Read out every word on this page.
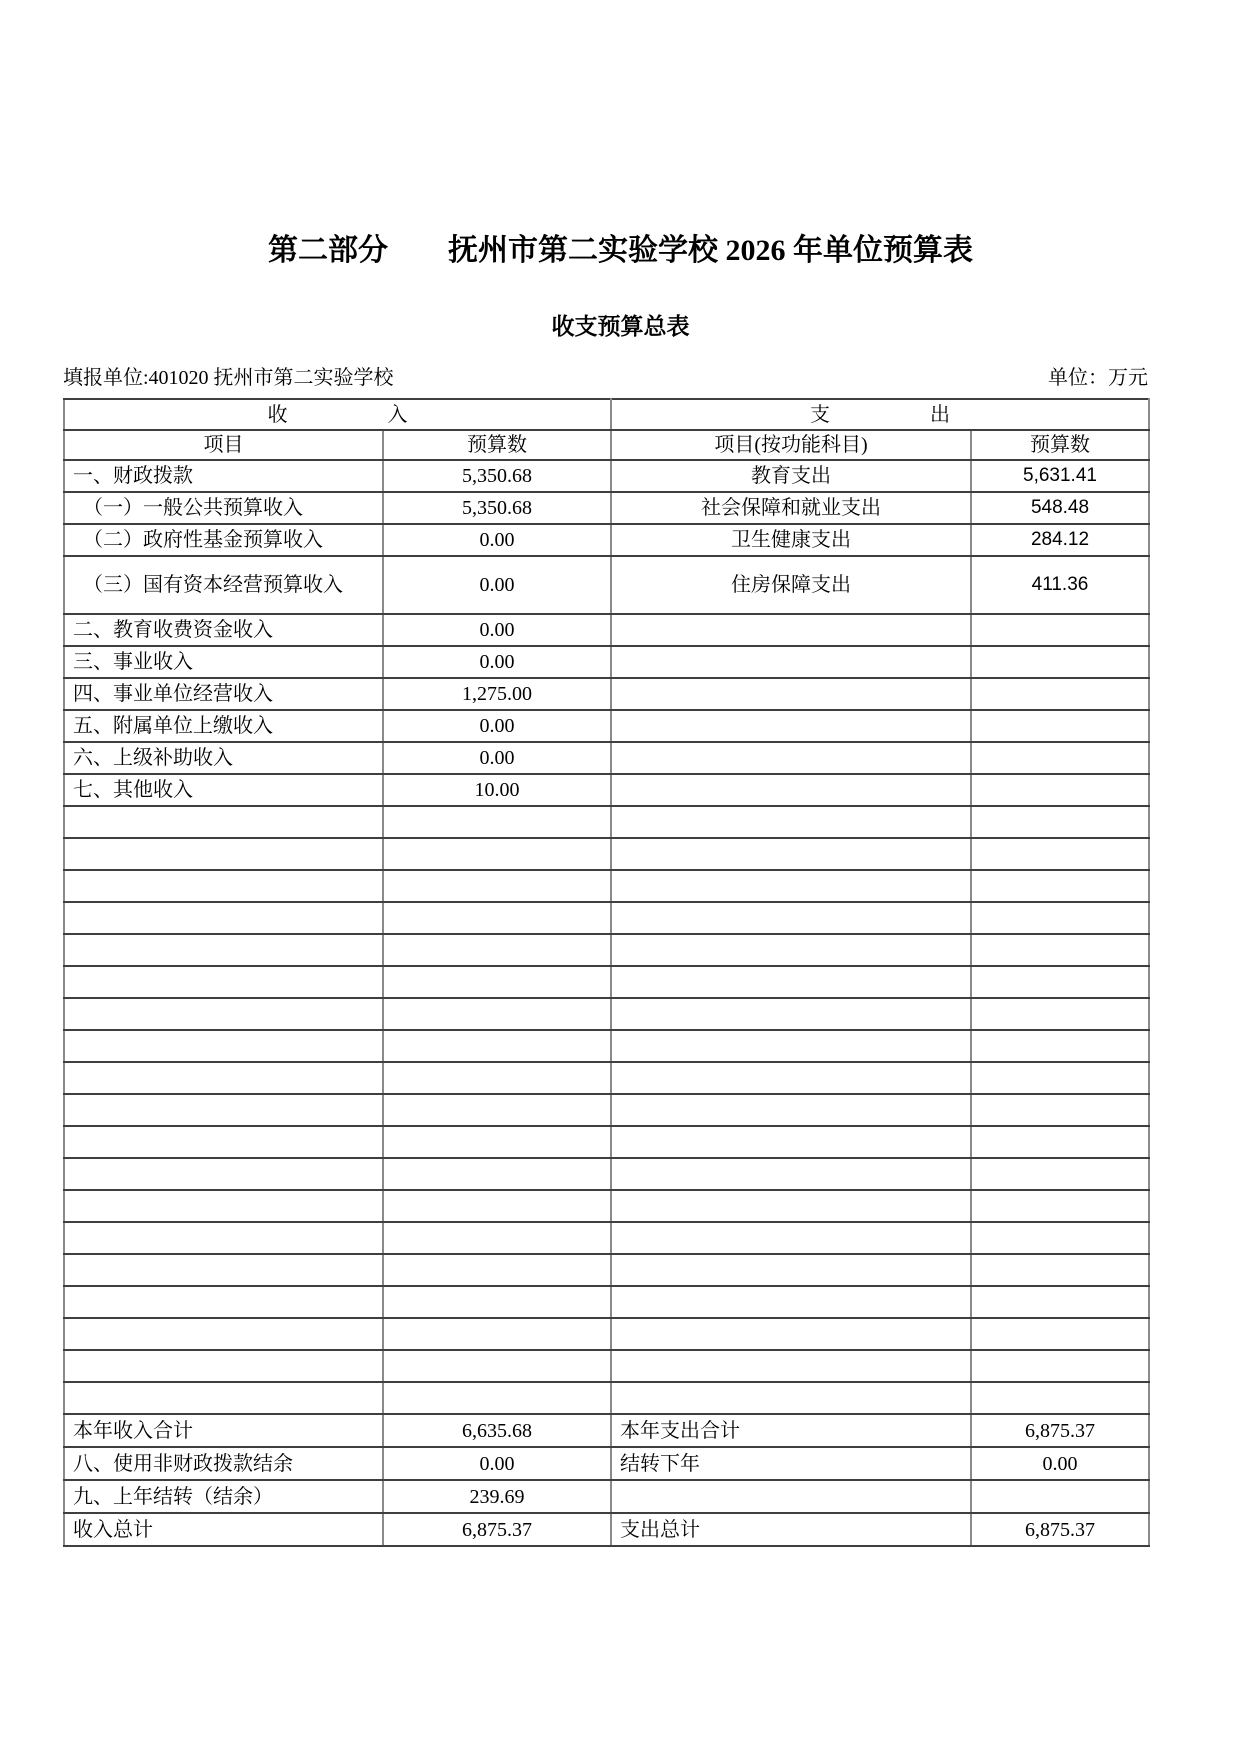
第二部分　　抚州市第二实验学校 2026 年单位预算表
收支预算总表
填报单位:401020 抚州市第二实验学校	单位：万元
收　　　　　入		支　　　　　出	
项目	预算数	项目(按功能科目)	预算数
一、财政拨款	5,350.68	教育支出	5,631.41
　（一）一般公共预算收入	5,350.68	社会保障和就业支出	548.48
　（二）政府性基金预算收入	0.00	卫生健康支出	284.12
　（三）国有资本经营预算收入	0.00	住房保障支出	411.36
二、教育收费资金收入	0.00		
三、事业收入	0.00		
四、事业单位经营收入	1,275.00		
五、附属单位上缴收入	0.00		
六、上级补助收入	0.00		
七、其他收入	10.00		

本年收入合计	6,635.68	本年支出合计	6,875.37
八、使用非财政拨款结余	0.00	结转下年	0.00
九、上年结转（结余）	239.69		
收入总计	6,875.37	支出总计	6,875.37
